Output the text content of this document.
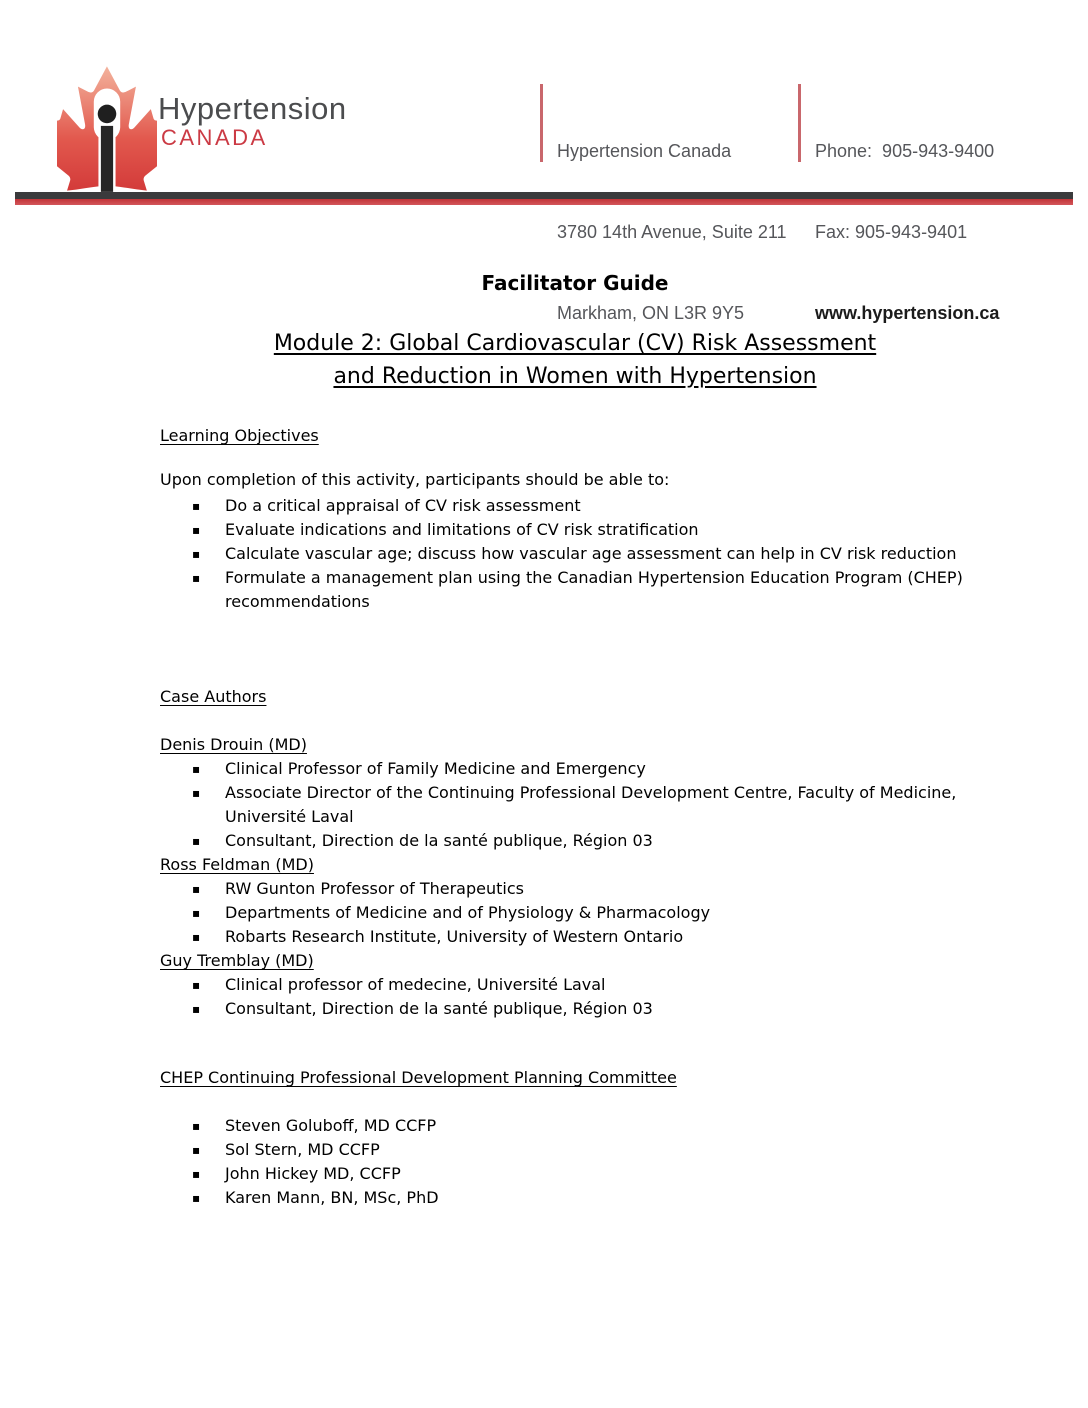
Hypertension
CANADA

Hypertension Canada

3780 14th Avenue, Suite 211

Markham, ON L3R 9Y5

Phone:  905-943-9400

Fax: 905-943-9401

www.hypertension.ca

Facilitator Guide
Module 2: Global Cardiovascular (CV) Risk Assessment
and Reduction in Women with Hypertension
Learning Objectives
Upon completion of this activity, participants should be able to:
▪ Do a critical appraisal of CV risk assessment
▪ Evaluate indications and limitations of CV risk stratification
▪ Calculate vascular age; discuss how vascular age assessment can help in CV risk reduction
▪ Formulate a management plan using the Canadian Hypertension Education Program (CHEP) recommendations
Case Authors
Denis Drouin (MD)
▪ Clinical Professor of Family Medicine and Emergency
▪ Associate Director of the Continuing Professional Development Centre, Faculty of Medicine, Université Laval
▪ Consultant, Direction de la santé publique, Région 03
Ross Feldman (MD)
▪ RW Gunton Professor of Therapeutics
▪ Departments of Medicine and of Physiology & Pharmacology
▪ Robarts Research Institute, University of Western Ontario
Guy Tremblay (MD)
▪ Clinical professor of medecine, Université Laval
▪ Consultant, Direction de la santé publique, Région 03
CHEP Continuing Professional Development Planning Committee
▪ Steven Goluboff, MD CCFP
▪ Sol Stern, MD CCFP
▪ John Hickey MD, CCFP
▪ Karen Mann, BN, MSc, PhD
